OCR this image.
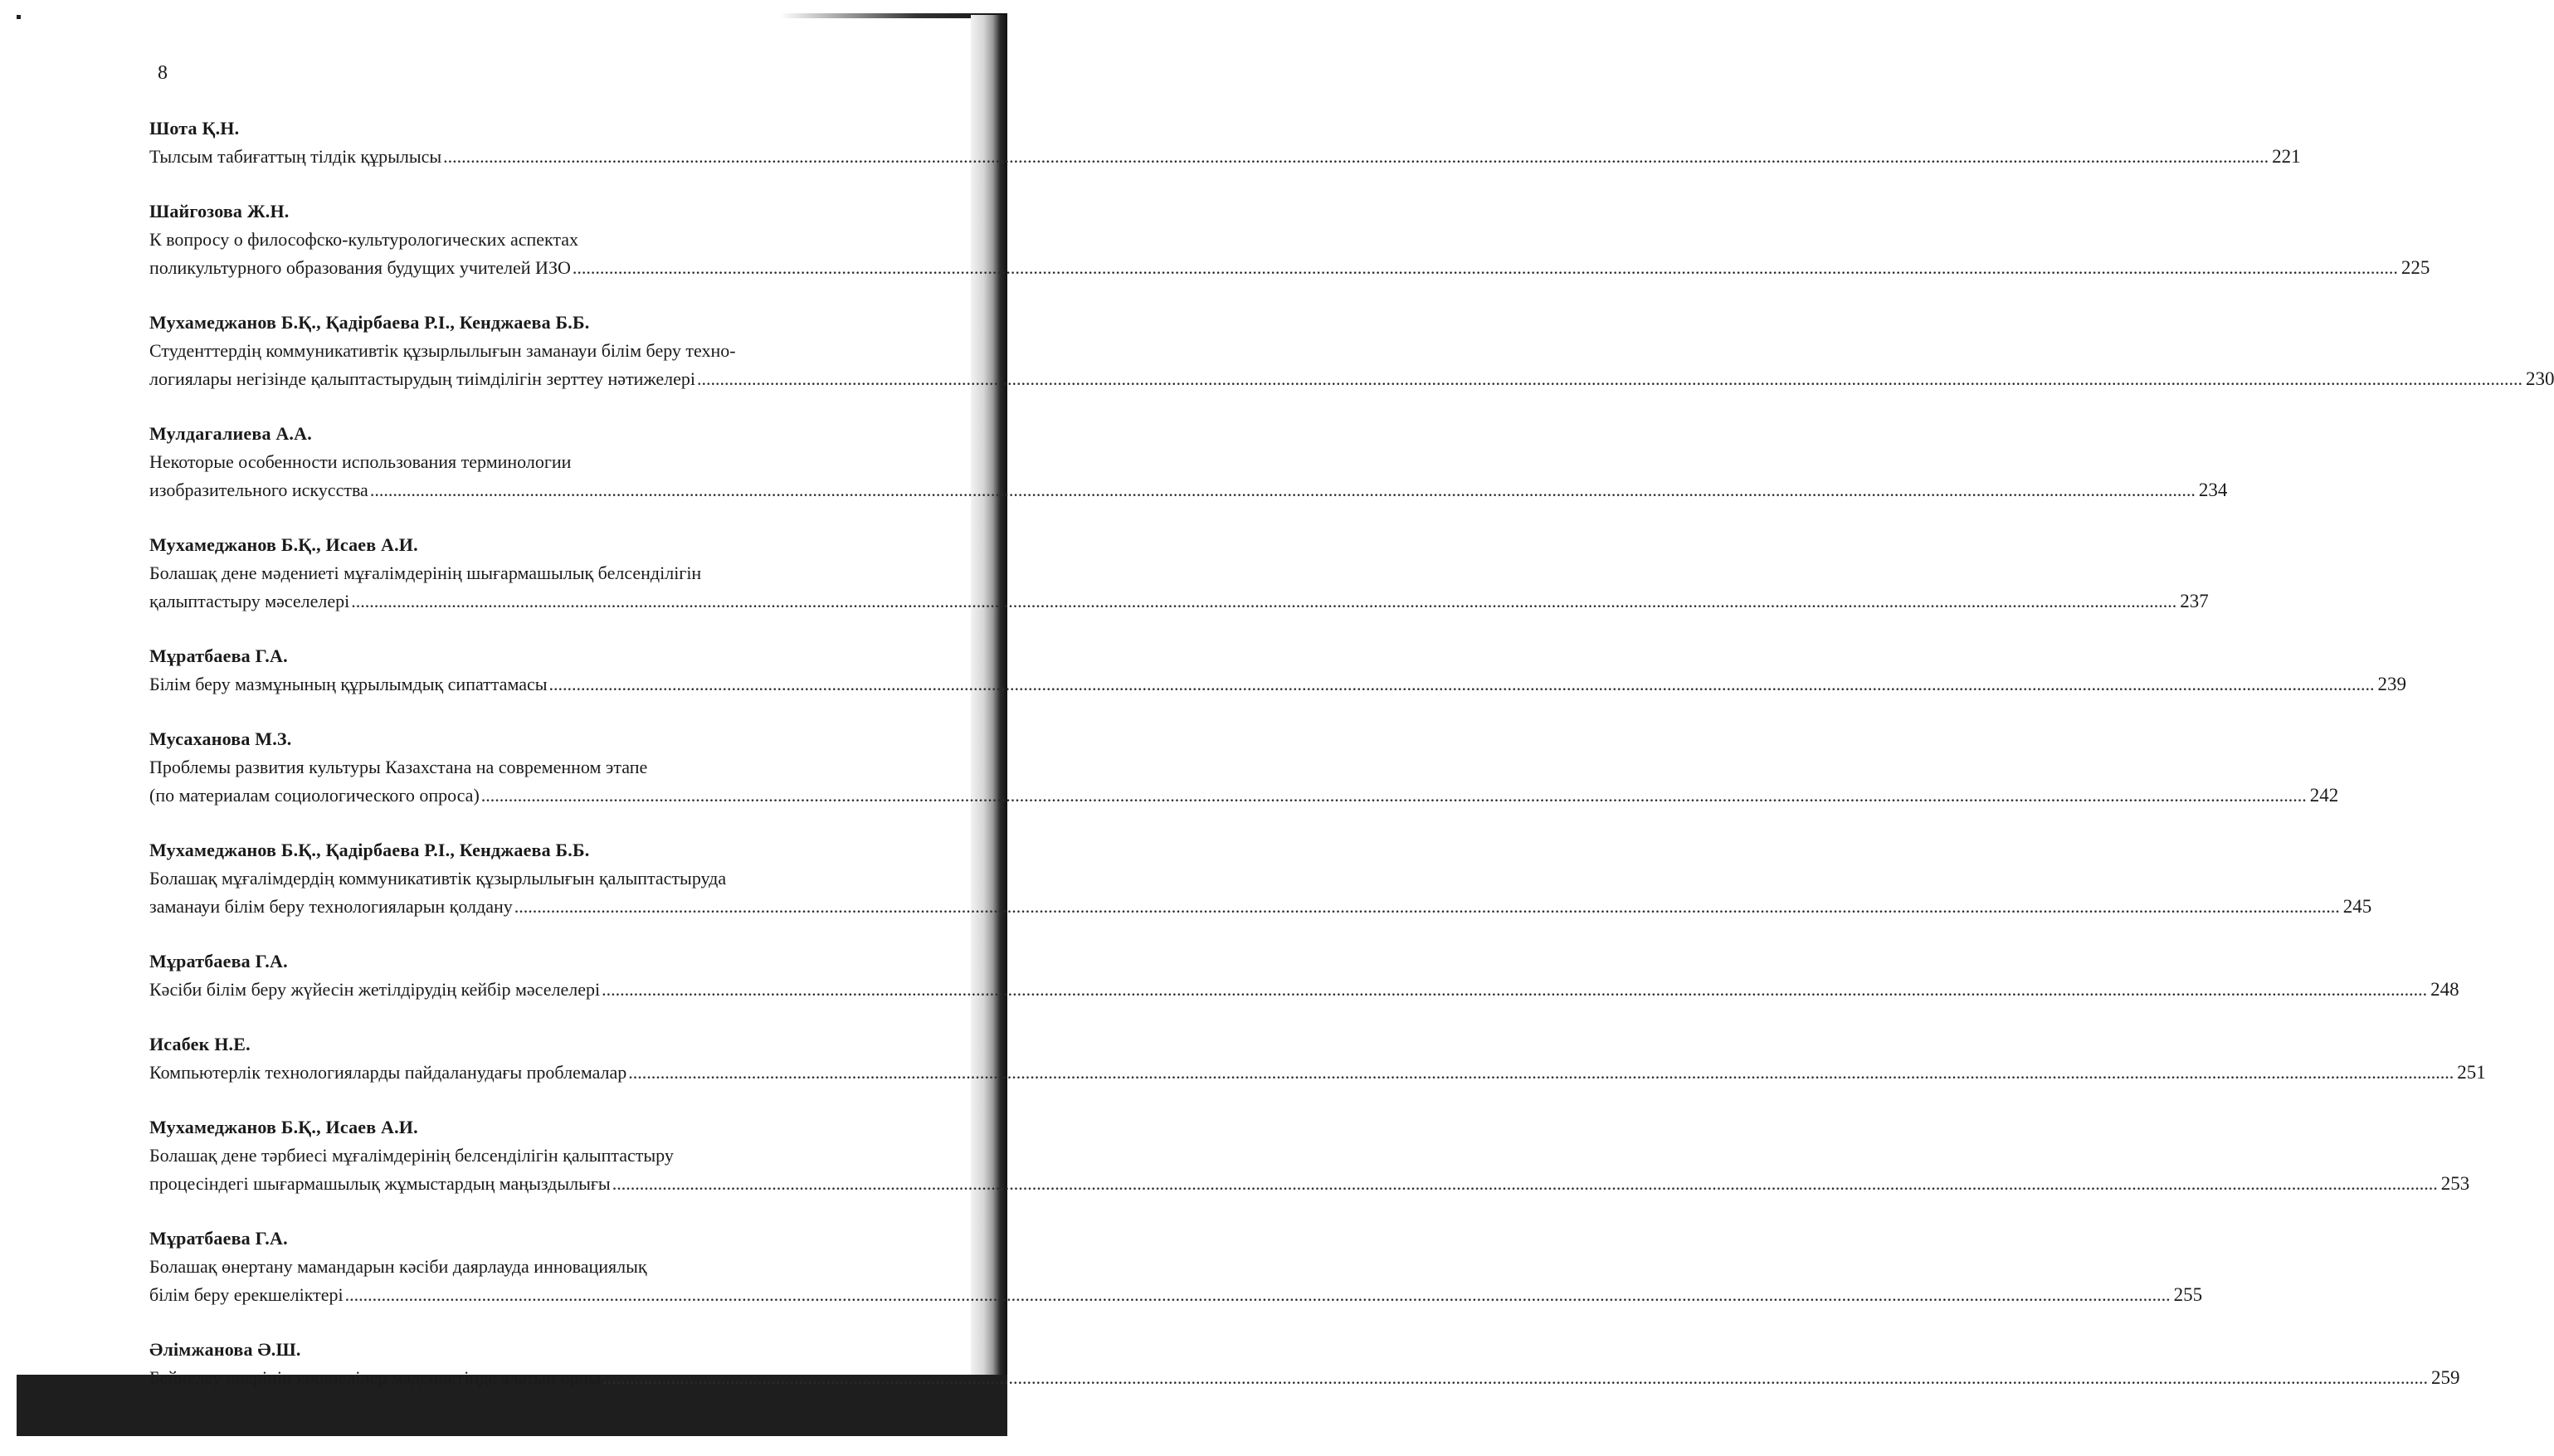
8
Шота Қ.Н.
Тылсым табиғаттың тілдік құрылысы ................................................................................................................................................................................................................................................................................................................................................................................................................ 221
Шайгозова Ж.Н.
К вопросу о философско-культурологических аспектах
поликультурного образования будущих учителей ИЗО ................................................................................................................................................................................................................................................................................................................................................................................................................ 225
Мухамеджанов Б.Қ., Қадірбаева Р.І., Кенджаева Б.Б.
Студенттердің коммуникативтік құзырлылығын заманауи білім беру техно-
логиялары негізінде қалыптастырудың тиімділігін зерттеу нәтижелері ................................................................................................................................................................................................................................................................................................................................................................................................................ 230
Мулдагалиева А.А.
Некоторые особенности использования терминологии
изобразительного искусства ................................................................................................................................................................................................................................................................................................................................................................................................................ 234
Мухамеджанов Б.Қ., Исаев А.И.
Болашақ дене мәдениеті мұғалімдерінің шығармашылық белсенділігін
қалыптастыру мәселелері ................................................................................................................................................................................................................................................................................................................................................................................................................ 237
Мұратбаева Г.А.
Білім беру мазмұнының құрылымдық сипаттамасы ................................................................................................................................................................................................................................................................................................................................................................................................................ 239
Мусаханова М.З.
Проблемы развития культуры Казахстана на современном этапе
(по материалам социологического опроса) ................................................................................................................................................................................................................................................................................................................................................................................................................ 242
Мухамеджанов Б.Қ., Қадірбаева Р.І., Кенджаева Б.Б.
Болашақ мұғалімдердің коммуникативтік құзырлылығын қалыптастыруда
заманауи білім беру технологияларын қолдану ................................................................................................................................................................................................................................................................................................................................................................................................................ 245
Мұратбаева Г.А.
Кәсіби білім беру жүйесін жетілдірудің кейбір мәселелері ................................................................................................................................................................................................................................................................................................................................................................................................................ 248
Исабек Н.Е.
Компьютерлік технологияларды пайдаланудағы проблемалар ................................................................................................................................................................................................................................................................................................................................................................................................................ 251
Мухамеджанов Б.Қ., Исаев А.И.
Болашақ дене тәрбиесі мұғалімдерінің белсенділігін қалыптастыру
процесіндегі шығармашылық жұмыстардың маңыздылығы ................................................................................................................................................................................................................................................................................................................................................................................................................ 253
Мұратбаева Г.А.
Болашақ өнертану мамандарын кәсіби даярлауда инновациялық
білім беру ерекшеліктері ................................................................................................................................................................................................................................................................................................................................................................................................................ 255
Әлімжанова Ә.Ш.
Бейнелеу өнерінің көшпелілер мәдениетінде алатын орны ................................................................................................................................................................................................................................................................................................................................................................................................................ 259
